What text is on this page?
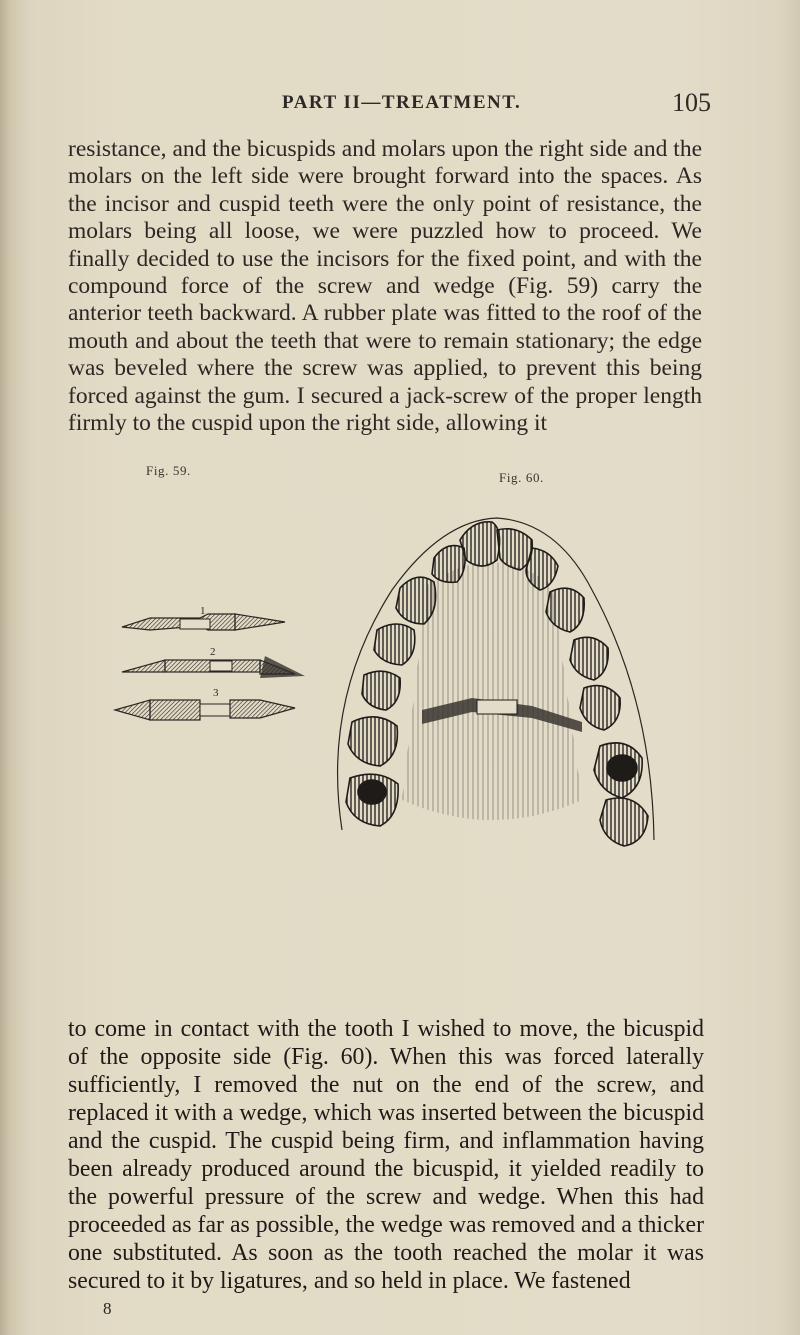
PART II—TREATMENT.	105

resistance, and the bicuspids and molars upon the right side and the molars on the left side were brought forward into the spaces. As the incisor and cuspid teeth were the only point of resistance, the molars being all loose, we were puzzled how to proceed. We finally decided to use the incisors for the fixed point, and with the compound force of the screw and wedge (Fig. 59) carry the anterior teeth backward. A rubber plate was fitted to the roof of the mouth and about the teeth that were to remain stationary; the edge was beveled where the screw was applied, to prevent this being forced against the gum. I secured a jack-screw of the proper length firmly to the cuspid upon the right side, allowing it

Fig. 59.	Fig. 60.
1
2
3

to come in contact with the tooth I wished to move, the bicuspid of the opposite side (Fig. 60). When this was forced laterally sufficiently, I removed the nut on the end of the screw, and replaced it with a wedge, which was inserted between the bicuspid and the cuspid. The cuspid being firm, and inflammation having been already produced around the bicuspid, it yielded readily to the powerful pressure of the screw and wedge. When this had proceeded as far as possible, the wedge was removed and a thicker one substituted. As soon as the tooth reached the molar it was secured to it by ligatures, and so held in place. We fastened

8
